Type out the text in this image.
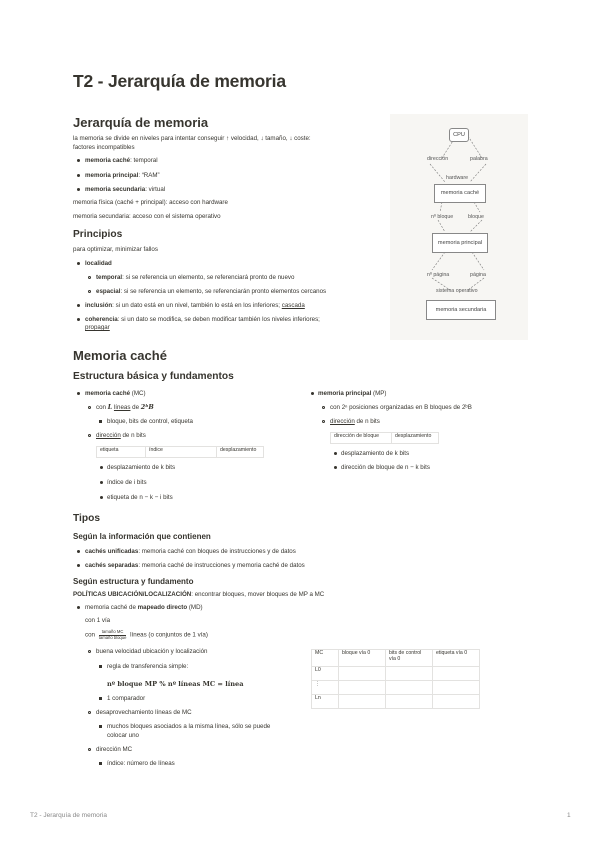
T2 - Jerarquía de memoria
Jerarquía de memoria
la memoria se divide en niveles para intentar conseguir ↑ velocidad, ↓ tamaño, ↓ coste:
factores incompatibles
memoria caché: temporal
memoria principal: “RAM”
memoria secundaria: virtual
memoria física (caché + principal): acceso con hardware
memoria secundaria: acceso con el sistema operativo
Principios
para optimizar, minimizar fallos
localidad
temporal: si se referencia un elemento, se referenciará pronto de nuevo
espacial: si se referencia un elemento, se referenciarán pronto elementos cercanos
inclusión: si un dato está en un nivel, también lo está en los inferiores; cascada
coherencia: si un dato se modifica, se deben modificar también los niveles inferiores;
propagar
CPU
dirección	palabra
hardware
memoria caché
nº bloque	bloque
memoria principal
nº página	página
sistema operativo
memoria secundaria
Memoria caché
Estructura básica y fundamentos
memoria caché (MC)
con L líneas de 2ᵇB
bloque, bits de control, etiqueta
dirección de n bits
etiqueta	índice	desplazamiento
desplazamiento de k bits
índice de i bits
etiqueta de n − k − i bits
memoria principal (MP)
con 2ⁿ posiciones organizadas en B bloques de 2ᵇB
dirección de n bits
dirección de bloque	desplazamiento
desplazamiento de k bits
dirección de bloque de n − k bits
Tipos
Según la información que contienen
cachés unificadas: memoria caché con bloques de instrucciones y de datos
cachés separadas: memoria caché de instrucciones y memoria caché de datos
Según estructura y fundamento
POLÍTICAS UBICACIÓN/LOCALIZACIÓN: encontrar bloques, mover bloques de MP a MC
memoria caché de mapeado directo (MD)
con 1 vía
con
tamaño MC
tamaño bloque líneas (o conjuntos de 1 vía)
buena velocidad ubicación y localización
regla de transferencia simple:
nº bloque MP % nº líneas MC = línea
1 comparador
desaprovechamiento líneas de MC
muchos bloques asociados a la misma línea, sólo se puede
colocar uno
dirección MC
índice: número de líneas
MC	bloque vía 0	bits de control vía 0	etiqueta vía 0
L0			
⋮			
Ln			
T2 - Jerarquía de memoria	1
